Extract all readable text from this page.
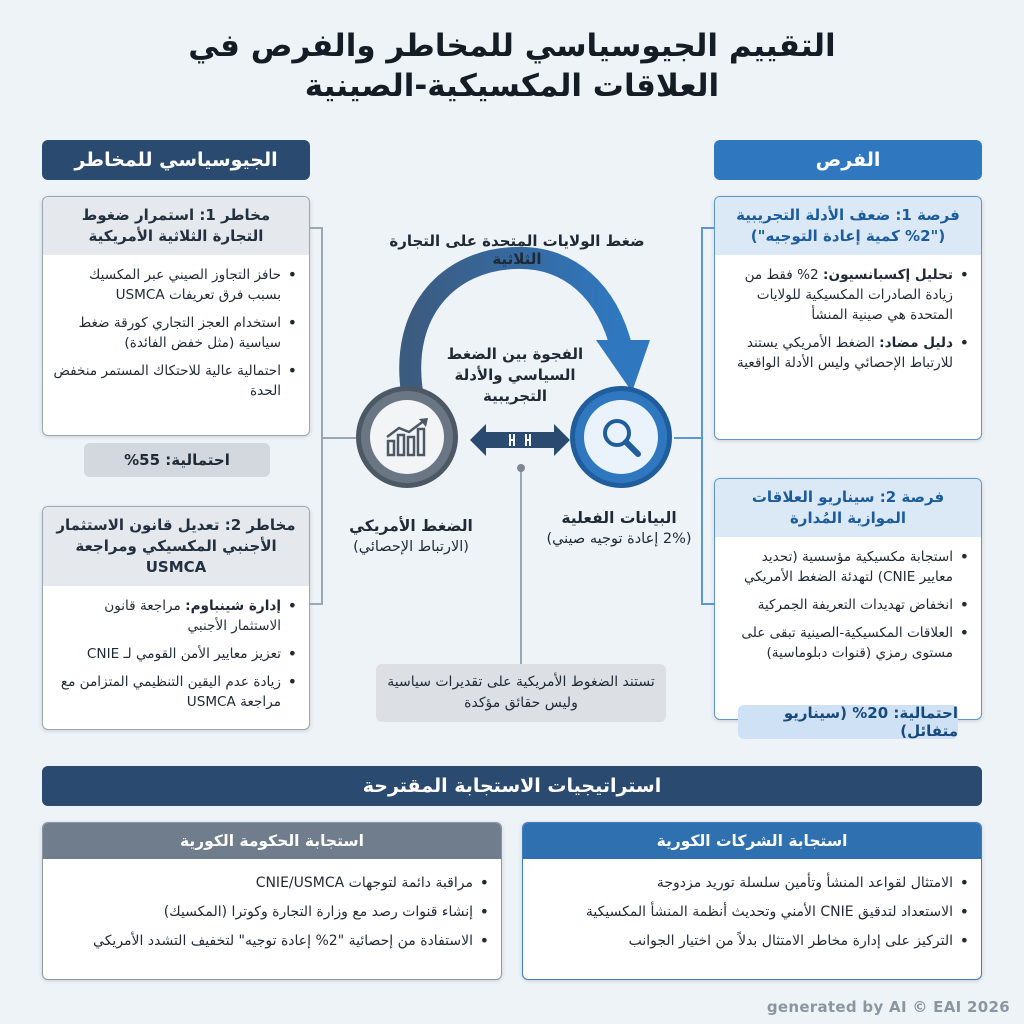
التقييم الجيوسياسي للمخاطر والفرص في العلاقات المكسيكية-الصينية
الجيوسياسي للمخاطر	الفرص
مخاطر 1: استمرار ضغوط التجارة الثلاثية الأمريكية
• حافز التجاوز الصيني عبر المكسيك بسبب فرق تعريفات USMCA
• استخدام العجز التجاري كورقة ضغط سياسية (مثل خفض الفائدة)
• احتمالية عالية للاحتكاك المستمر منخفض الحدة
احتمالية: 55%
مخاطر 2: تعديل قانون الاستثمار الأجنبي المكسيكي ومراجعة USMCA
• إدارة شينباوم: مراجعة قانون الاستثمار الأجنبي
• تعزيز معايير الأمن القومي لـ CNIE
• زيادة عدم اليقين التنظيمي المتزامن مع مراجعة USMCA
فرصة 1: ضعف الأدلة التجريبية ("2% كمية إعادة التوجيه")
• تحليل إكسبانسيون: 2% فقط من زيادة الصادرات المكسيكية للولايات المتحدة هي صينية المنشأ
• دليل مضاد: الضغط الأمريكي يستند للارتباط الإحصائي وليس الأدلة الواقعية
فرصة 2: سيناريو العلاقات الموازية المُدارة
• استجابة مكسيكية مؤسسية (تحديد معايير CNIE) لتهدئة الضغط الأمريكي
• انخفاض تهديدات التعريفة الجمركية
• العلاقات المكسيكية-الصينية تبقى على مستوى رمزي (قنوات دبلوماسية)
احتمالية: 20% (سيناريو متفائل)
ضغط الولايات المتحدة على التجارة الثلاثية
الفجوة بين الضغط السياسي والأدلة التجريبية
الضغط الأمريكي
(الارتباط الإحصائي)
البيانات الفعلية
(2% إعادة توجيه صيني)
تستند الضغوط الأمريكية على تقديرات سياسية وليس حقائق مؤكدة
استراتيجيات الاستجابة المقترحة
استجابة الحكومة الكورية
• مراقبة دائمة لتوجهات CNIE/USMCA
• إنشاء قنوات رصد مع وزارة التجارة وكوترا (المكسيك)
• الاستفادة من إحصائية "2% إعادة توجيه" لتخفيف التشدد الأمريكي
استجابة الشركات الكورية
• الامتثال لقواعد المنشأ وتأمين سلسلة توريد مزدوجة
• الاستعداد لتدقيق CNIE الأمني وتحديث أنظمة المنشأ المكسيكية
• التركيز على إدارة مخاطر الامتثال بدلاً من اختيار الجوانب
generated by AI © EAI 2026
